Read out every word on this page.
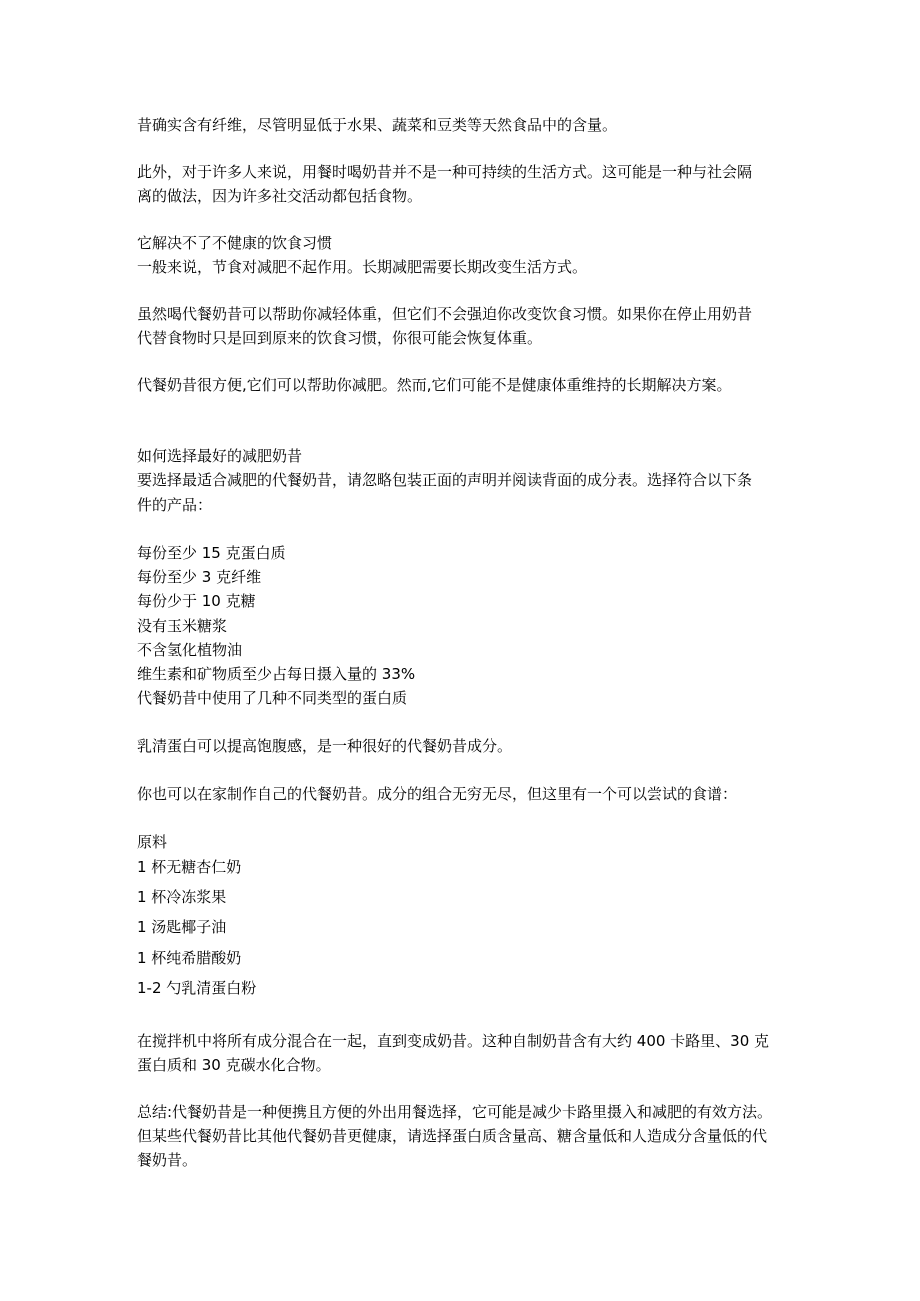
昔确实含有纤维，尽管明显低于水果、蔬菜和豆类等天然食品中的含量。
此外，对于许多人来说，用餐时喝奶昔并不是一种可持续的生活方式。这可能是一种与社会隔
离的做法，因为许多社交活动都包括食物。
它解决不了不健康的饮食习惯
一般来说，节食对减肥不起作用。长期减肥需要长期改变生活方式。
虽然喝代餐奶昔可以帮助你减轻体重，但它们不会强迫你改变饮食习惯。如果你在停止用奶昔
代替食物时只是回到原来的饮食习惯，你很可能会恢复体重。
代餐奶昔很方便,它们可以帮助你减肥。然而,它们可能不是健康体重维持的长期解决方案。
如何选择最好的减肥奶昔
要选择最适合减肥的代餐奶昔，请忽略包装正面的声明并阅读背面的成分表。选择符合以下条
件的产品：
每份至少 15 克蛋白质
每份至少 3 克纤维
每份少于 10 克糖
没有玉米糖浆
不含氢化植物油
维生素和矿物质至少占每日摄入量的 33%
代餐奶昔中使用了几种不同类型的蛋白质
乳清蛋白可以提高饱腹感，是一种很好的代餐奶昔成分。
你也可以在家制作自己的代餐奶昔。成分的组合无穷无尽，但这里有一个可以尝试的食谱：
原料
1 杯无糖杏仁奶
1 杯冷冻浆果
1 汤匙椰子油
1 杯纯希腊酸奶
1-2 勺乳清蛋白粉
在搅拌机中将所有成分混合在一起，直到变成奶昔。这种自制奶昔含有大约 400 卡路里、30 克
蛋白质和 30 克碳水化合物。
总结:代餐奶昔是一种便携且方便的外出用餐选择，它可能是减少卡路里摄入和减肥的有效方法。
但某些代餐奶昔比其他代餐奶昔更健康，请选择蛋白质含量高、糖含量低和人造成分含量低的代
餐奶昔。
